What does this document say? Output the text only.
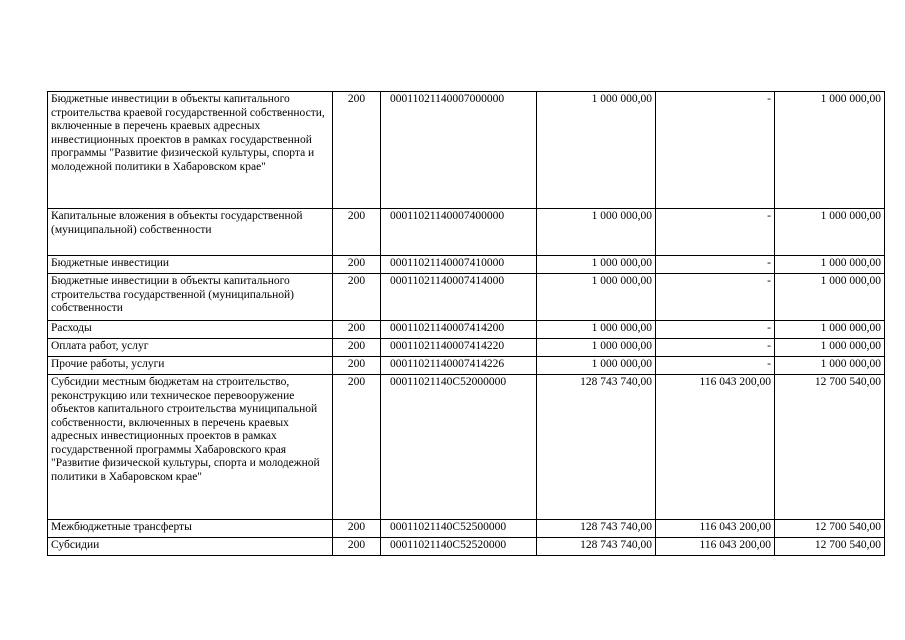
Бюджетные инвестиции в объекты капитального строительства краевой государственной собственности, включенные в перечень краевых адресных инвестиционных проектов в рамках государственной программы "Развитие физической культуры, спорта и молодежной политики в Хабаровском крае"	200	00011021140007000000	1 000 000,00	-	1 000 000,00
Капитальные вложения в объекты государственной (муниципальной) собственности	200	00011021140007400000	1 000 000,00	-	1 000 000,00
Бюджетные инвестиции	200	00011021140007410000	1 000 000,00	-	1 000 000,00
Бюджетные инвестиции в объекты капитального строительства государственной (муниципальной) собственности	200	00011021140007414000	1 000 000,00	-	1 000 000,00
Расходы	200	00011021140007414200	1 000 000,00	-	1 000 000,00
Оплата работ, услуг	200	00011021140007414220	1 000 000,00	-	1 000 000,00
Прочие работы, услуги	200	00011021140007414226	1 000 000,00	-	1 000 000,00
Субсидии местным бюджетам на строительство, реконструкцию или техническое перевооружение объектов капитального строительства муниципальной собственности, включенных в перечень краевых адресных инвестиционных проектов в рамках государственной программы Хабаровского края "Развитие физической культуры, спорта и молодежной политики в Хабаровском крае"	200	00011021140C52000000	128 743 740,00	116 043 200,00	12 700 540,00
Межбюджетные трансферты	200	00011021140C52500000	128 743 740,00	116 043 200,00	12 700 540,00
Субсидии	200	00011021140C52520000	128 743 740,00	116 043 200,00	12 700 540,00
